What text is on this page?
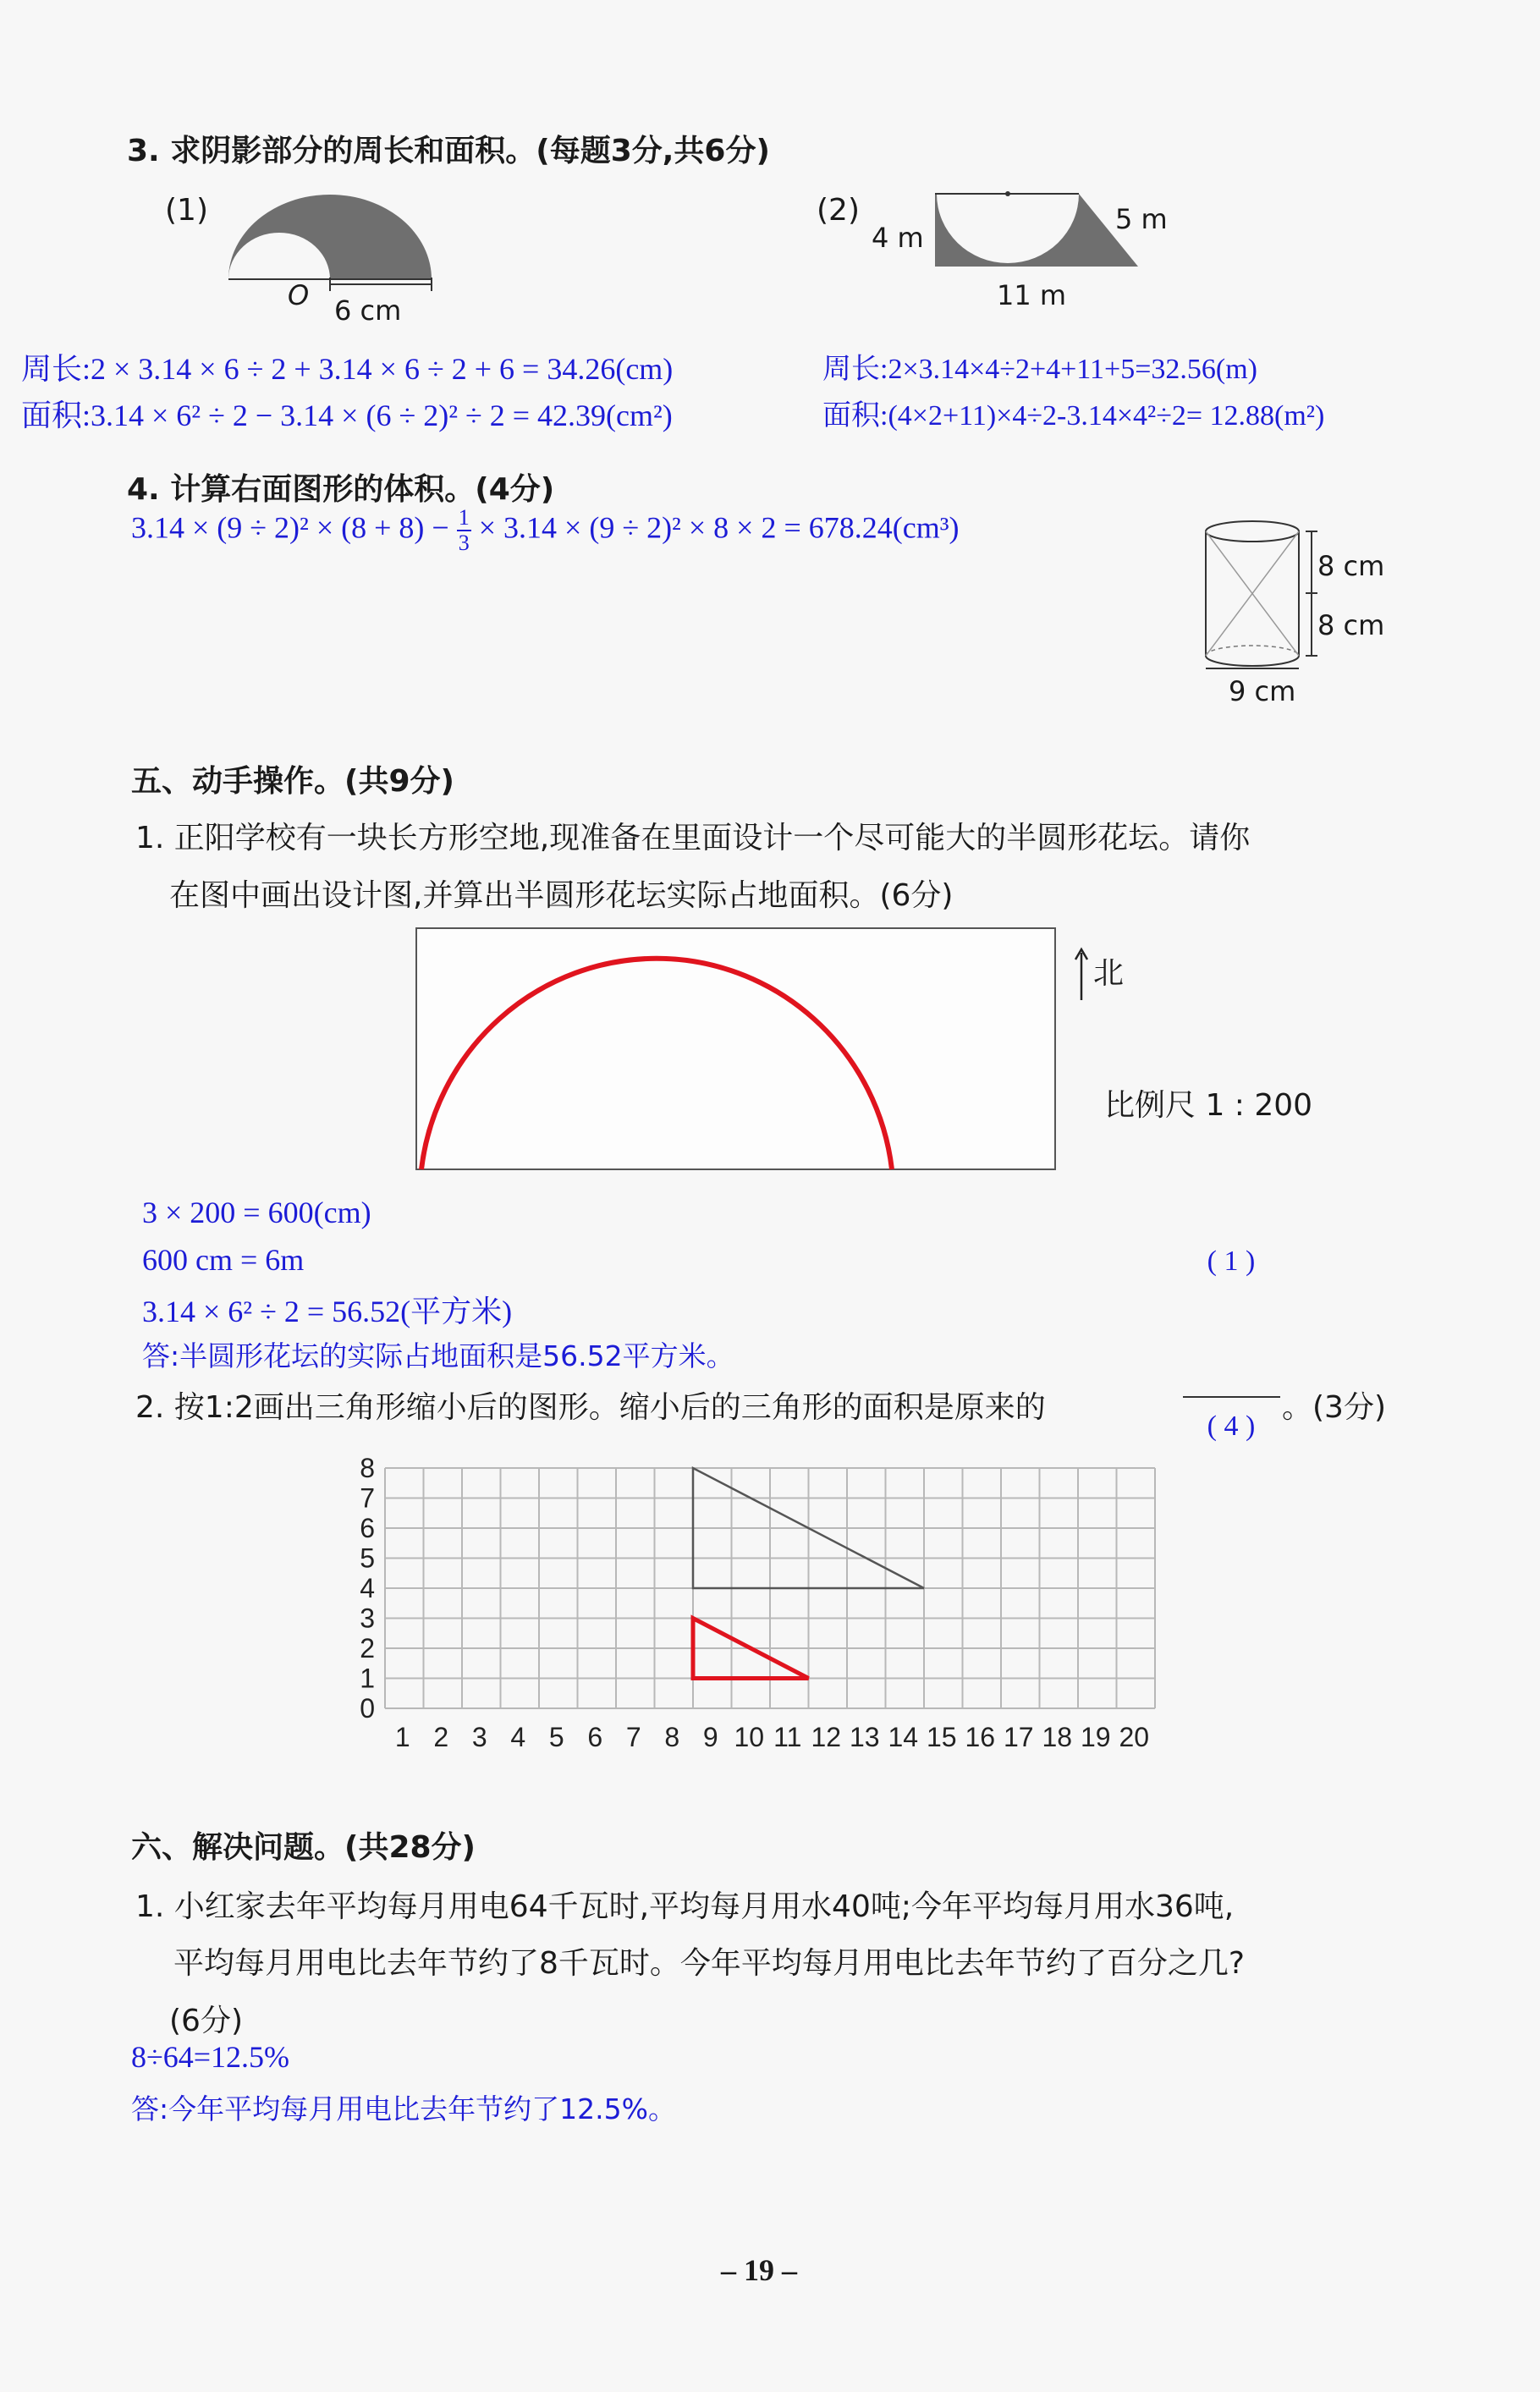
3. 求阴影部分的周长和面积。(每题3分,共6分)
(1)
O 6 cm
(2)
4 m
5 m
11 m
周长:2 × 3.14 × 6 ÷ 2 + 3.14 × 6 ÷ 2 + 6 = 34.26(cm)
面积:3.14 × 6² ÷ 2 − 3.14 × (6 ÷ 2)² ÷ 2 = 42.39(cm²)
周长:2×3.14×4÷2+4+11+5=32.56(m)
面积:(4×2+11)×4÷2-3.14×4²÷2= 12.88(m²)
4. 计算右面图形的体积。(4分)
$3.14 \times (9 \div 2)^2 \times (8 + 8) - \frac{1}{3} \times 3.14 \times (9 \div 2)^2 \times 8 \times 2 = 678.24(cm^3)$
8 cm
8 cm
9 cm
五、动手操作。(共9分)
1. 正阳学校有一块长方形空地,现准备在里面设计一个尽可能大的半圆形花坛。请你
在图中画出设计图,并算出半圆形花坛实际占地面积。(6分)
北
比例尺 1 : 200
3 × 200 = 600(cm)
600 cm = 6m
3.14 × 6² ÷ 2 = 56.52(平方米)
答:半圆形花坛的实际占地面积是56.52平方米。
2. 按1:2画出三角形缩小后的图形。缩小后的三角形的面积是原来的
( 1 )
( 4 )
。(3分)
0
1
2
3
4
5
6
7
8
1 2 3 4 5 6 7 8 9 10 11 12 13 14 15 16 17 18 19 20
六、解决问题。(共28分)
1. 小红家去年平均每月用电64千瓦时,平均每月用水40吨;今年平均每月用水36吨,
平均每月用电比去年节约了8千瓦时。今年平均每月用电比去年节约了百分之几?
(6分)
8÷64=12.5%
答:今年平均每月用电比去年节约了12.5%。
– 19 –
